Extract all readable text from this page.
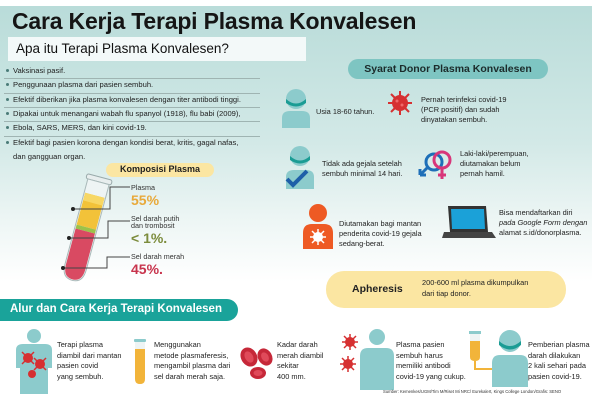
Cara Kerja Terapi Plasma Konvalesen
Apa itu Terapi Plasma Konvalesen?
Vaksinasi pasif.
Penggunaan plasma dari pasien sembuh.
Efektif diberikan jika plasma konvalesen dengan titer antibodi tinggi.
Dipakai untuk menangani wabah flu spanyol (1918), flu babi (2009),
Ebola, SARS, MERS, dan kini covid-19.
Efektif bagi pasien korona dengan kondisi berat, kritis, gagal nafas,
dan gangguan organ.
Komposisi Plasma
Plasma
55%
Sel darah putih
dan trombosit
< 1%.
Sel darah merah
45%.
Syarat Donor Plasma Konvalesen
Usia 18-60 tahun.
Pernah terinfeksi covid-19
(PCR positif) dan sudah
dinyatakan sembuh.
Tidak ada gejala setelah
sembuh minimal 14 hari.
Laki-laki/perempuan,
diutamakan belum
pernah hamil.
Diutamakan bagi mantan
penderita covid-19 gejala
sedang-berat.
Bisa mendaftarkan diri
pada Google Form dengan
alamat s.id/donorplasma.
Apheresis
200-600 ml plasma dikumpulkan
dari tiap donor.
Alur dan Cara Kerja Terapi Konvalesen
Terapi plasma
diambil dari mantan
pasien covid
yang sembuh.
Menggunakan
metode plasmaferesis,
mengambil plasma dari
sel darah merah saja.
Kadar darah
merah diambil
sekitar
400 mm.
Plasma pasien
sembuh harus
memiliki antibodi
covid-19 yang cukup.
Pemberian plasma
darah dilakukan
2 kali sehari pada
pasien covid-19.
Sumber: Kemenkes/UGM/Tim M/Riset Mi NRC/ Eurekalert, Kings College London/Grafis: SENO
